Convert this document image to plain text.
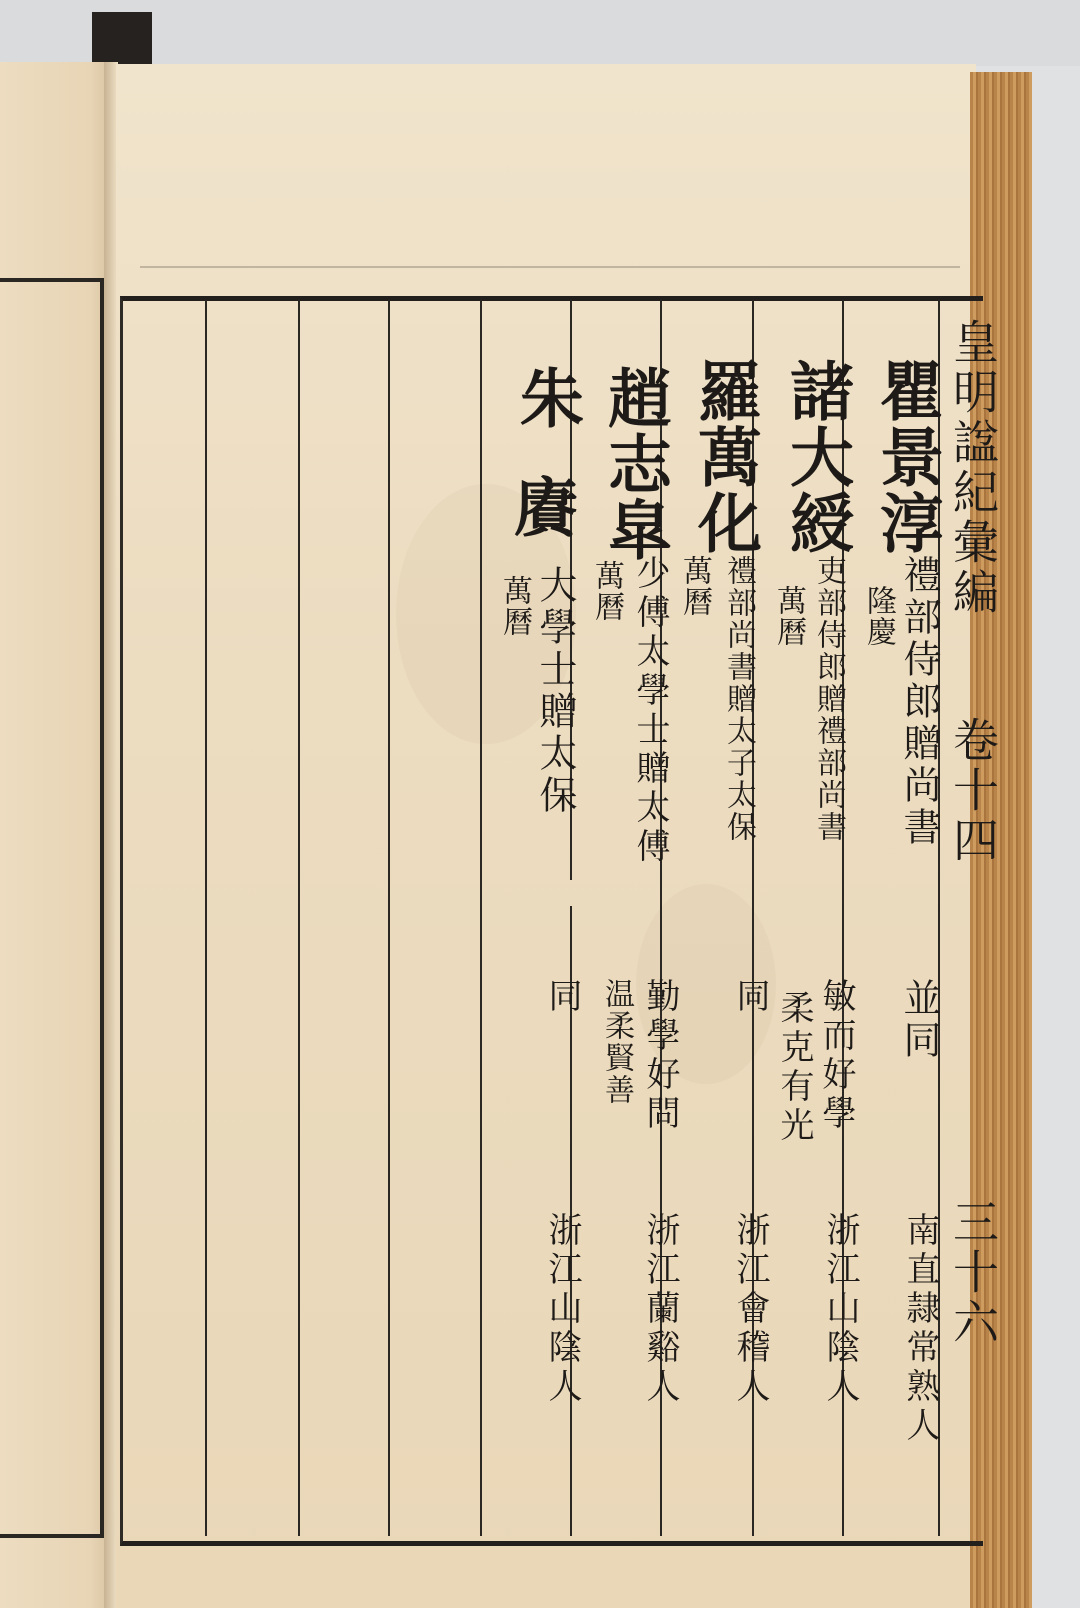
皇明諡紀彙編
卷十四
三十六
瞿景淳
隆慶 禮部侍郎贈尚書
並同
南直隷常熟人
諸大綬
萬曆 吏部侍郎贈禮部尚書
敏而好學
柔克有光
浙江山陰人
羅萬化
萬曆 禮部尚書贈太子太保
同
浙江會稽人
趙志皐
萬曆 少傅太學士贈太傅
勤學好問
温柔賢善
浙江蘭谿人
朱
賡
萬曆 大學士贈太保
同
浙江山陰人
